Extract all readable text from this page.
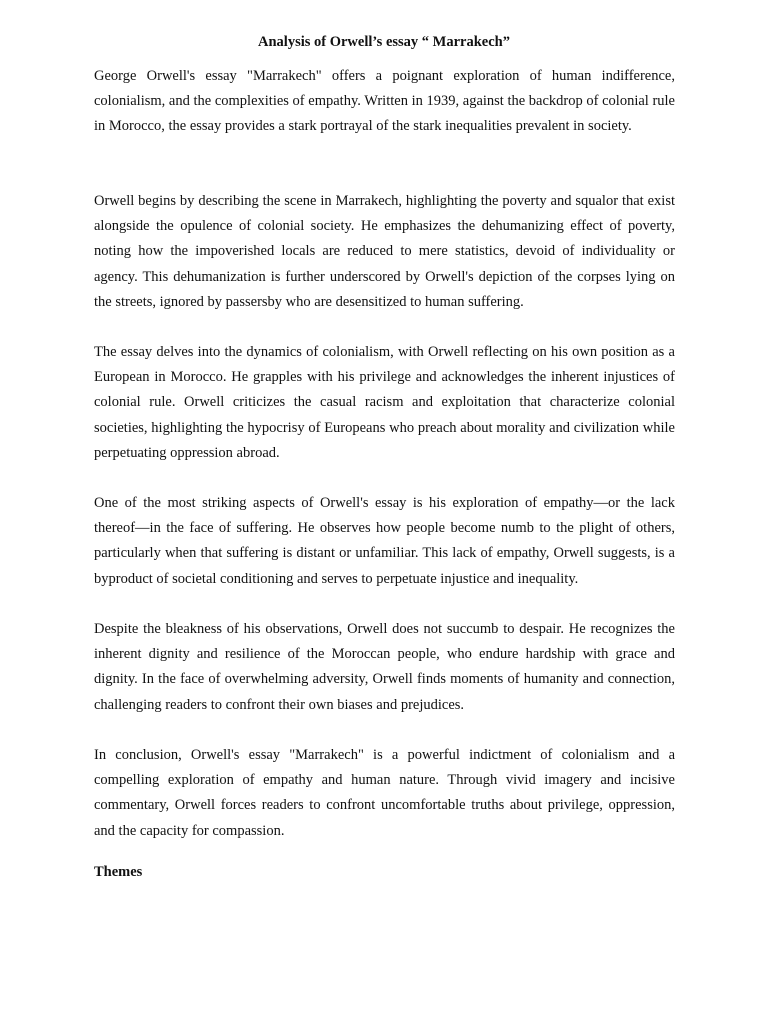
Analysis of Orwell’s essay “ Marrakech”

George Orwell's essay "Marrakech" offers a poignant exploration of human indifference, colonialism, and the complexities of empathy. Written in 1939, against the backdrop of colonial rule in Morocco, the essay provides a stark portrayal of the stark inequalities prevalent in society.

Orwell begins by describing the scene in Marrakech, highlighting the poverty and squalor that exist alongside the opulence of colonial society. He emphasizes the dehumanizing effect of poverty, noting how the impoverished locals are reduced to mere statistics, devoid of individuality or agency. This dehumanization is further underscored by Orwell's depiction of the corpses lying on the streets, ignored by passersby who are desensitized to human suffering.

The essay delves into the dynamics of colonialism, with Orwell reflecting on his own position as a European in Morocco. He grapples with his privilege and acknowledges the inherent injustices of colonial rule. Orwell criticizes the casual racism and exploitation that characterize colonial societies, highlighting the hypocrisy of Europeans who preach about morality and civilization while perpetuating oppression abroad.

One of the most striking aspects of Orwell's essay is his exploration of empathy—or the lack thereof—in the face of suffering. He observes how people become numb to the plight of others, particularly when that suffering is distant or unfamiliar. This lack of empathy, Orwell suggests, is a byproduct of societal conditioning and serves to perpetuate injustice and inequality.

Despite the bleakness of his observations, Orwell does not succumb to despair. He recognizes the inherent dignity and resilience of the Moroccan people, who endure hardship with grace and dignity. In the face of overwhelming adversity, Orwell finds moments of humanity and connection, challenging readers to confront their own biases and prejudices.

In conclusion, Orwell's essay "Marrakech" is a powerful indictment of colonialism and a compelling exploration of empathy and human nature. Through vivid imagery and incisive commentary, Orwell forces readers to confront uncomfortable truths about privilege, oppression, and the capacity for compassion.

Themes
